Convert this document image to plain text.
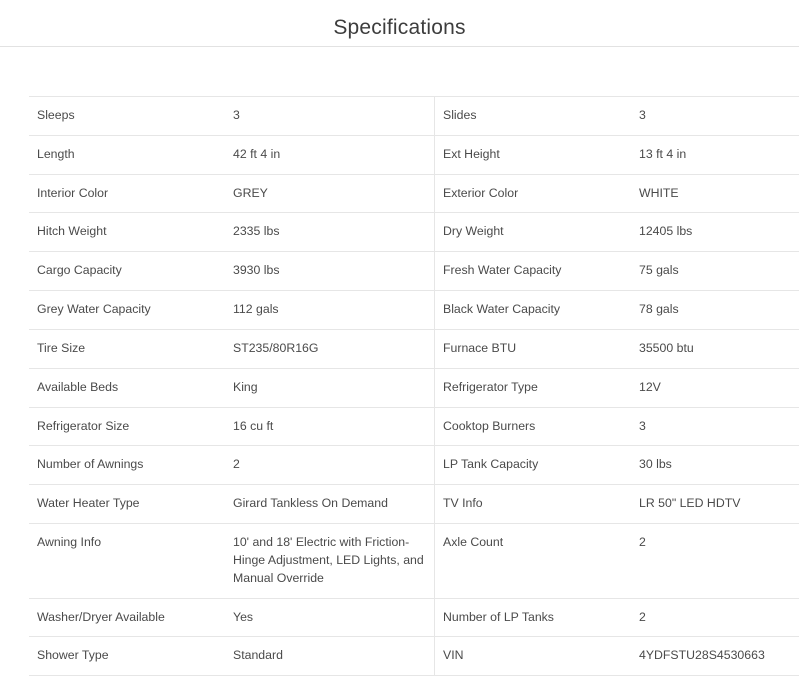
Specifications
Sleeps	3	Slides	3
Length	42 ft 4 in	Ext Height	13 ft 4 in
Interior Color	GREY	Exterior Color	WHITE
Hitch Weight	2335 lbs	Dry Weight	12405 lbs
Cargo Capacity	3930 lbs	Fresh Water Capacity	75 gals
Grey Water Capacity	112 gals	Black Water Capacity	78 gals
Tire Size	ST235/80R16G	Furnace BTU	35500 btu
Available Beds	King	Refrigerator Type	12V
Refrigerator Size	16 cu ft	Cooktop Burners	3
Number of Awnings	2	LP Tank Capacity	30 lbs
Water Heater Type	Girard Tankless On Demand	TV Info	LR 50" LED HDTV
Awning Info	10' and 18' Electric with Friction-Hinge Adjustment, LED Lights, and Manual Override	Axle Count	2
Washer/Dryer Available	Yes	Number of LP Tanks	2
Shower Type	Standard	VIN	4YDFSTU28S4530663
